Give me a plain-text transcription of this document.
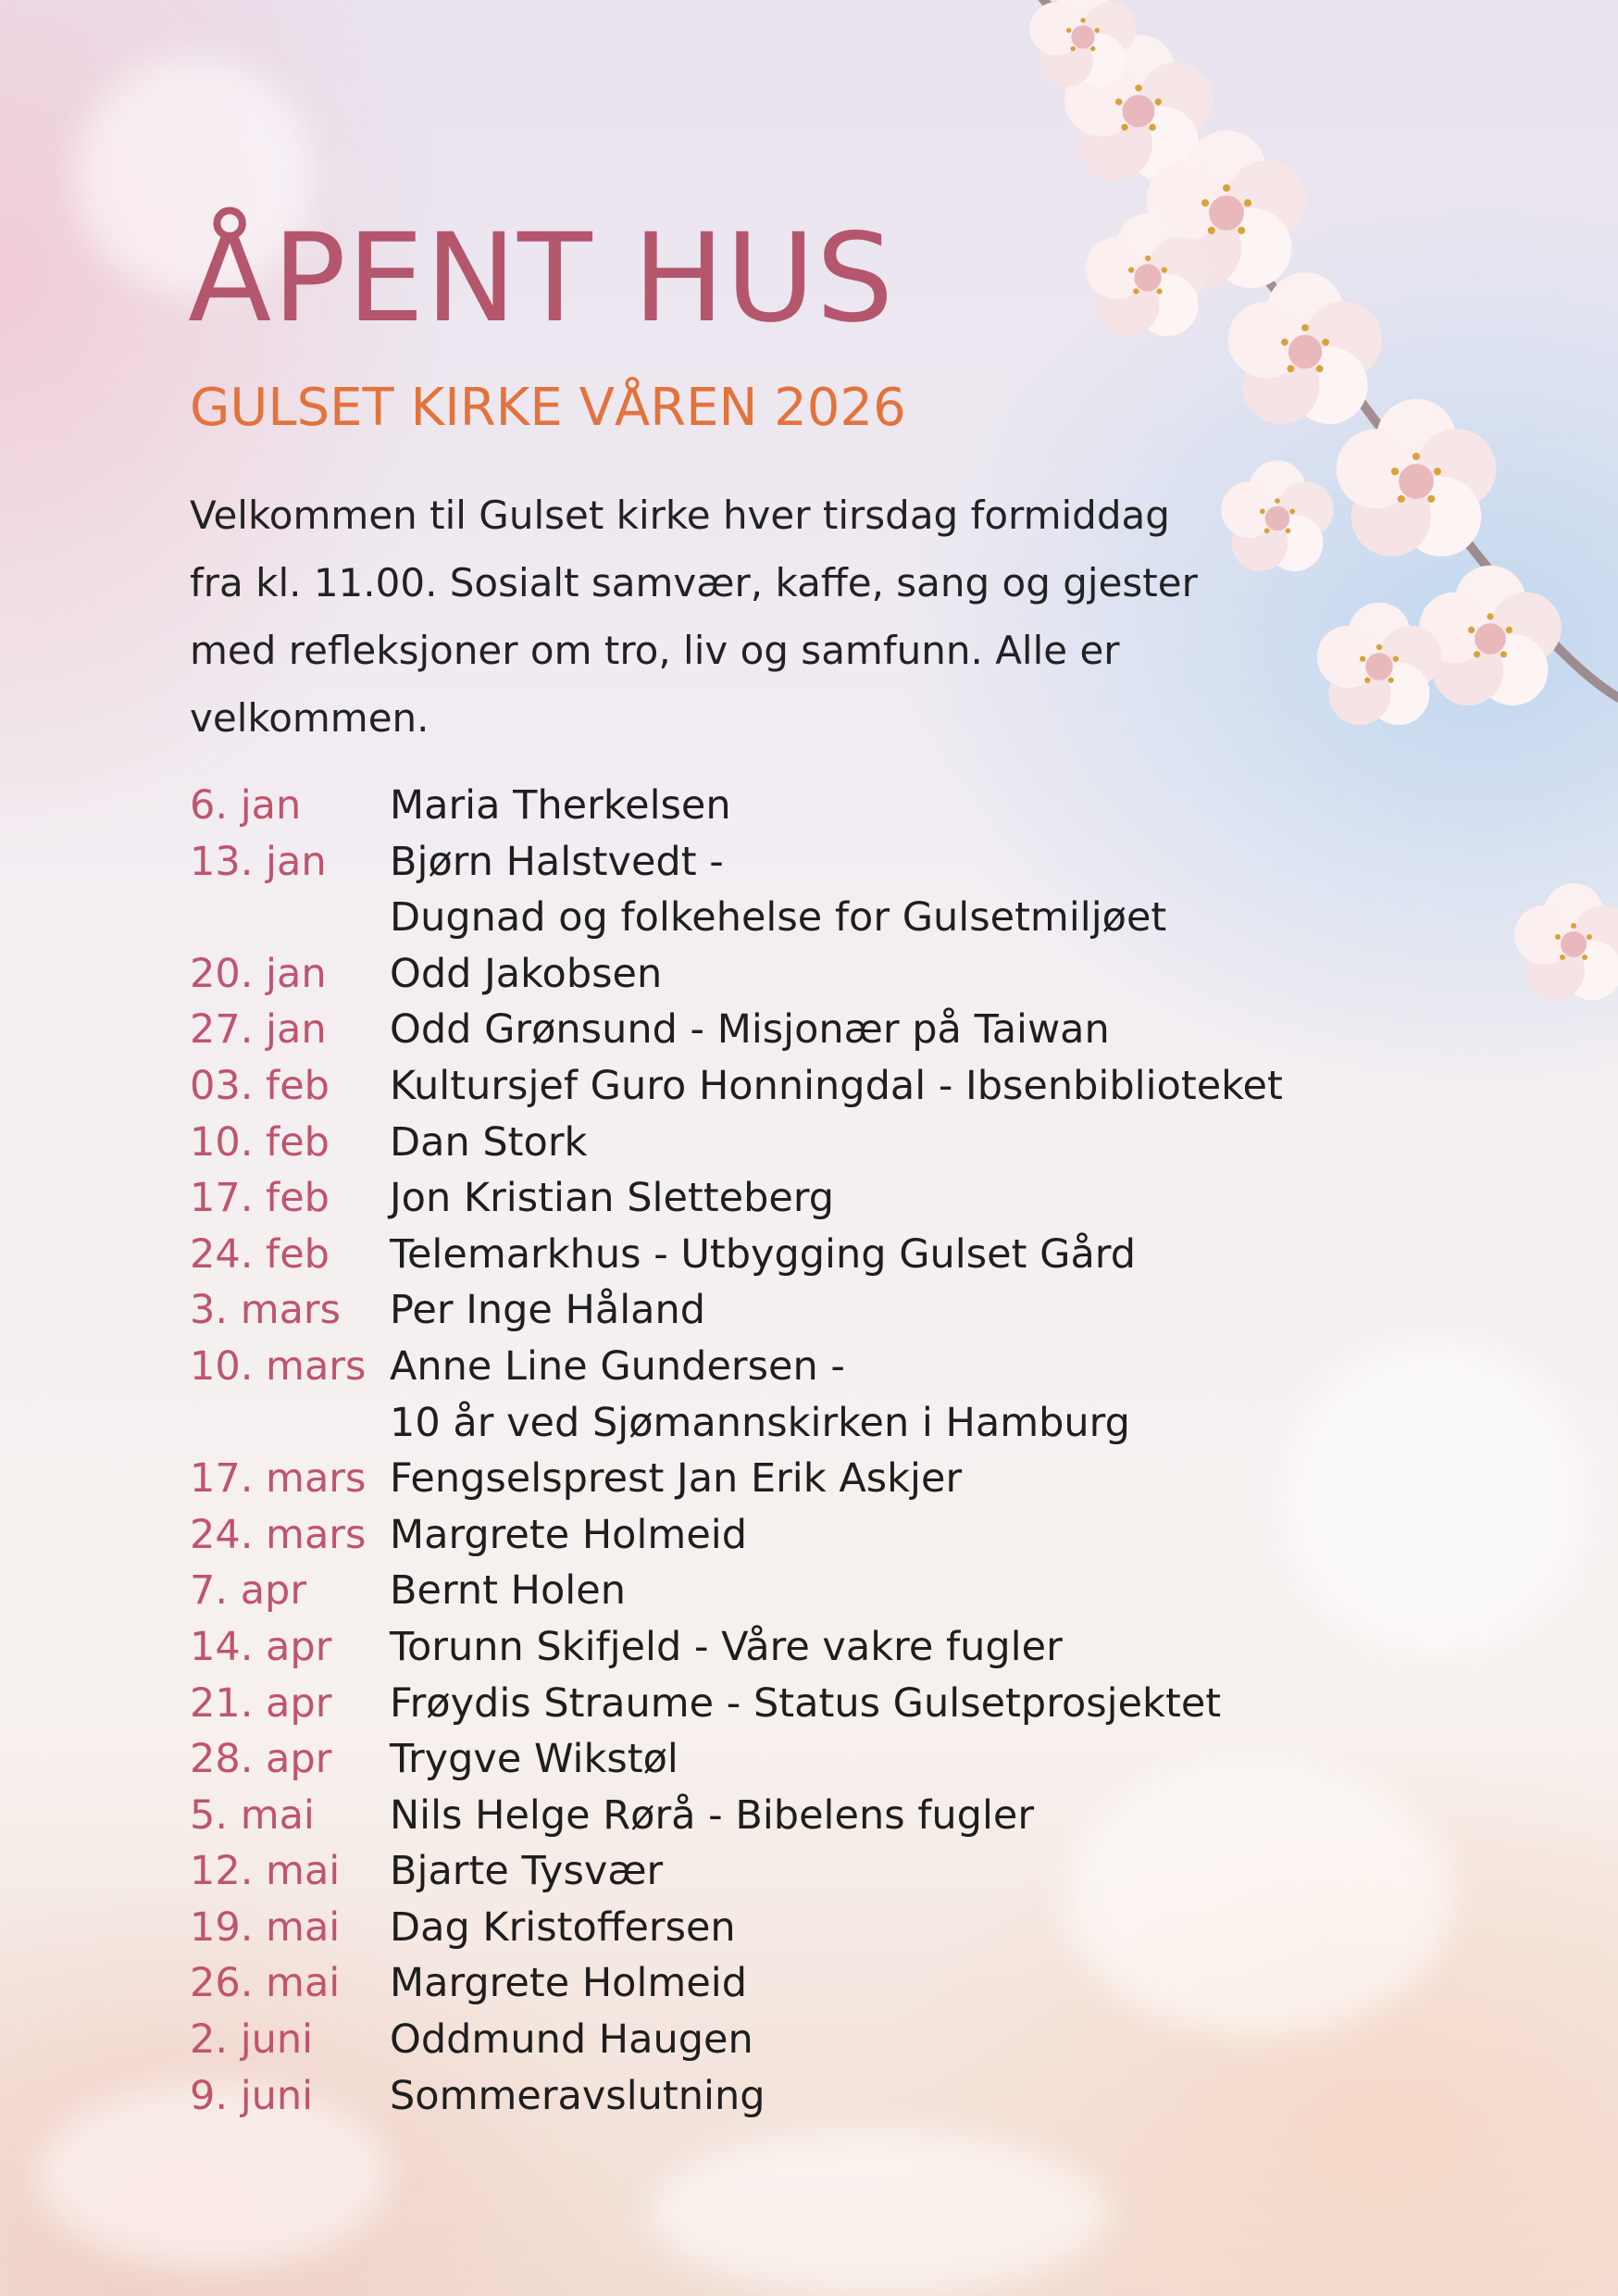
ÅPENT HUS
GULSET KIRKE VÅREN 2026

Velkommen til Gulset kirke hver tirsdag formiddag fra kl. 11.00. Sosialt samvær, kaffe, sang og gjester med refleksjoner om tro, liv og samfunn. Alle er velkommen.

6. jan	Maria Therkelsen
13. jan	Bjørn Halstvedt -
Dugnad og folkehelse for Gulsetmiljøet
20. jan	Odd Jakobsen
27. jan	Odd Grønsund - Misjonær på Taiwan
03. feb	Kultursjef Guro Honningdal - Ibsenbiblioteket
10. feb	Dan Stork
17. feb	Jon Kristian Sletteberg
24. feb	Telemarkhus - Utbygging Gulset Gård
3. mars	Per Inge Håland
10. mars Anne Line Gundersen -
10 år ved Sjømannskirken i Hamburg
17. mars Fengselsprest Jan Erik Askjer
24. mars Margrete Holmeid
7. apr	Bernt Holen
14. apr	Torunn Skifjeld - Våre vakre fugler
21. apr	Frøydis Straume - Status Gulsetprosjektet
28. apr	Trygve Wikstøl
5. mai	Nils Helge Rørå - Bibelens fugler
12. mai	Bjarte Tysvær
19. mai	Dag Kristoffersen
26. mai	Margrete Holmeid
2. juni	Oddmund Haugen
9. juni	Sommeravslutning
